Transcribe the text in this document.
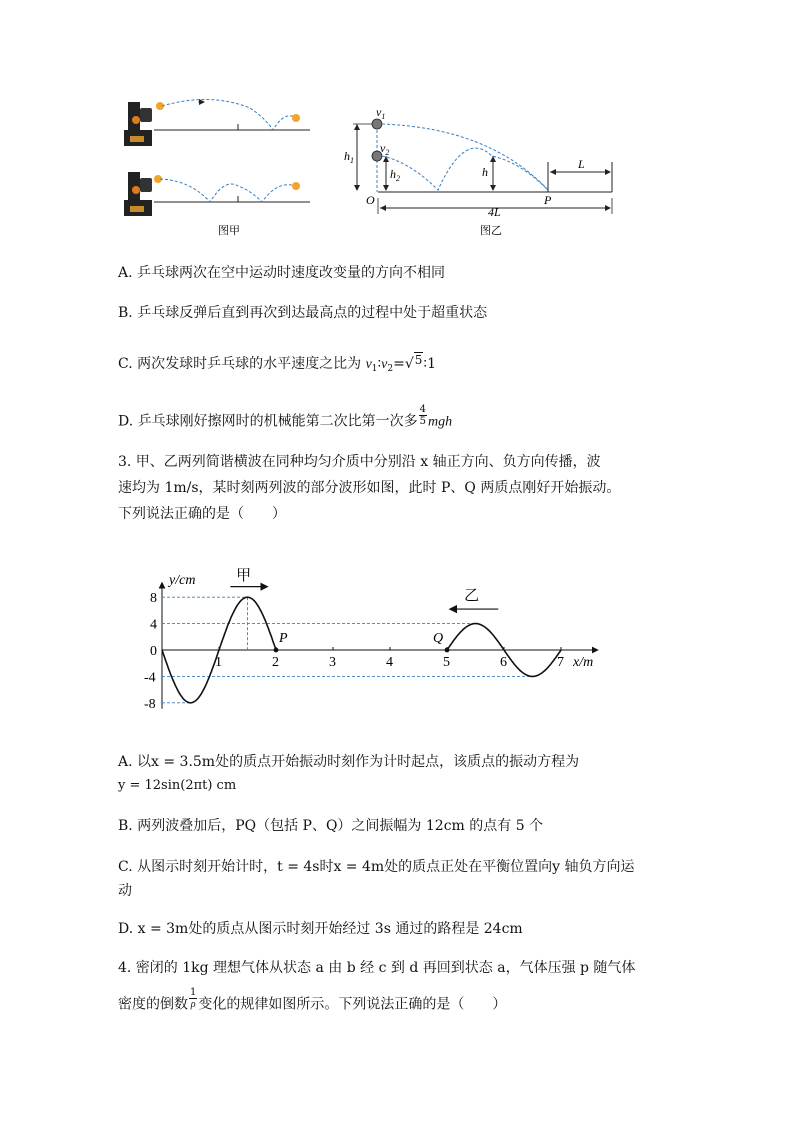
图甲
$v_1$
$v_2$
$h_1$
$h_2$	h
O	P
L
4L
图乙
A. 乒乓球两次在空中运动时速度改变量的方向不相同
B. 乒乓球反弹后直到再次到达最高点的过程中处于超重状态
C. 两次发球时乒乓球的水平速度之比为 $v_1∶v_2=√5∶1$
D. 乒乓球刚好擦网时的机械能第二次比第一次多 $\frac{4}{5}$ mgh
3. 甲、乙两列简谐横波在同种均匀介质中分别沿 x 轴正方向、负方向传播，波
速均为 1m/s，某时刻两列波的部分波形如图，此时 P、Q 两质点刚好开始振动。
下列说法正确的是（　　）
1	2	3	4	5	6	7
8
4
0
-4
-8
P	Q
甲
乙
y/cm
x/m
A. 以x = 3.5m处的质点开始振动时刻作为计时起点，该质点的振动方程为
y = 12sin(2πt) cm
B. 两列波叠加后，PQ（包括 P、Q）之间振幅为 12cm 的点有 5 个
C. 从图示时刻开始计时，t = 4s时x = 4m处的质点正处在平衡位置向y 轴负方向运
动
D. x = 3m处的质点从图示时刻开始经过 3s 通过的路程是 24cm
4. 密闭的 1kg 理想气体从状态 a 由 b 经 c 到 d 再回到状态 a，气体压强 p 随气体
密度的倒数 $\frac{1}{\rho}$ 变化的规律如图所示。下列说法正确的是（　　）
